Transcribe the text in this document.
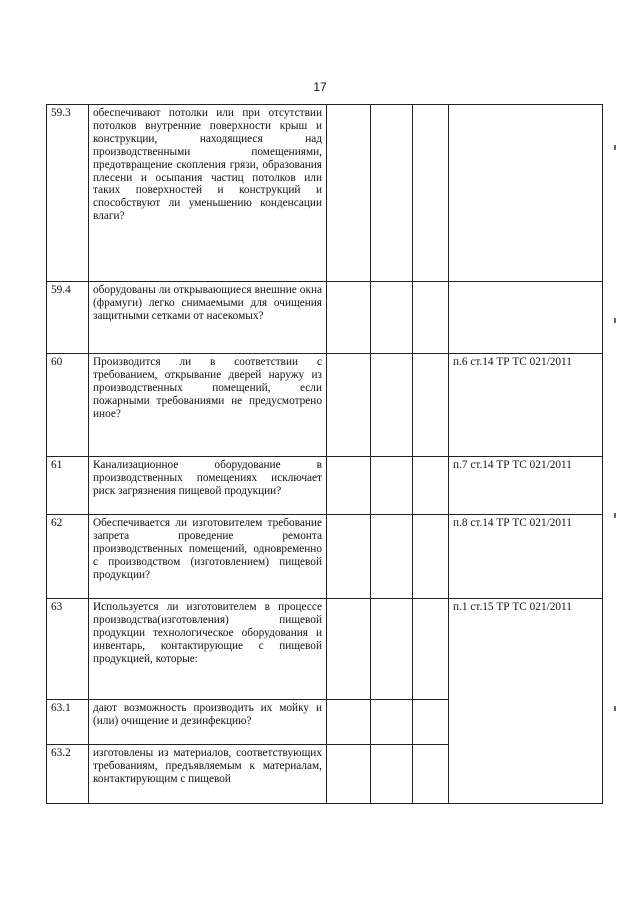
17
59.3	обеспечивают потолки или при отсутствии потолков внутренние поверхности крыш и конструкции, находящиеся над производственными помещениями, предотвращение скопления грязи, образования плесени и осыпания частиц потолков или таких поверхностей и конструкций и способствуют ли уменьшению конденсации влаги?				
59.4	оборудованы ли открывающиеся внешние окна (фрамуги) легко снимаемыми для очищения защитными сетками от насекомых?				
60	Производится ли в соответствии с требованием, открывание дверей наружу из производственных помещений, если пожарными требованиями не предусмотрено иное?				п.6 ст.14 ТР ТС 021/2011
61	Канализационное оборудование в производственных помещениях исключает риск загрязнения пищевой продукции?				п.7 ст.14 ТР ТС 021/2011
62	Обеспечивается ли изготовителем требование запрета проведение ремонта производственных помещений, одновременно с производством (изготовлением) пищевой продукции?				п.8 ст.14 ТР ТС 021/2011
63	Используется ли изготовителем в процессе производства(изготовления) пищевой продукции технологическое оборудования и инвентарь, контактирующие с пищевой продукцией, которые:				п.1 ст.15 ТР ТС 021/2011
63.1	дают возможность производить их мойку и (или) очищение и дезинфекцию?				
63.2	изготовлены из материалов, соответствующих требованиям, предъявляемым к материалам, контактирующим с пищевой				
